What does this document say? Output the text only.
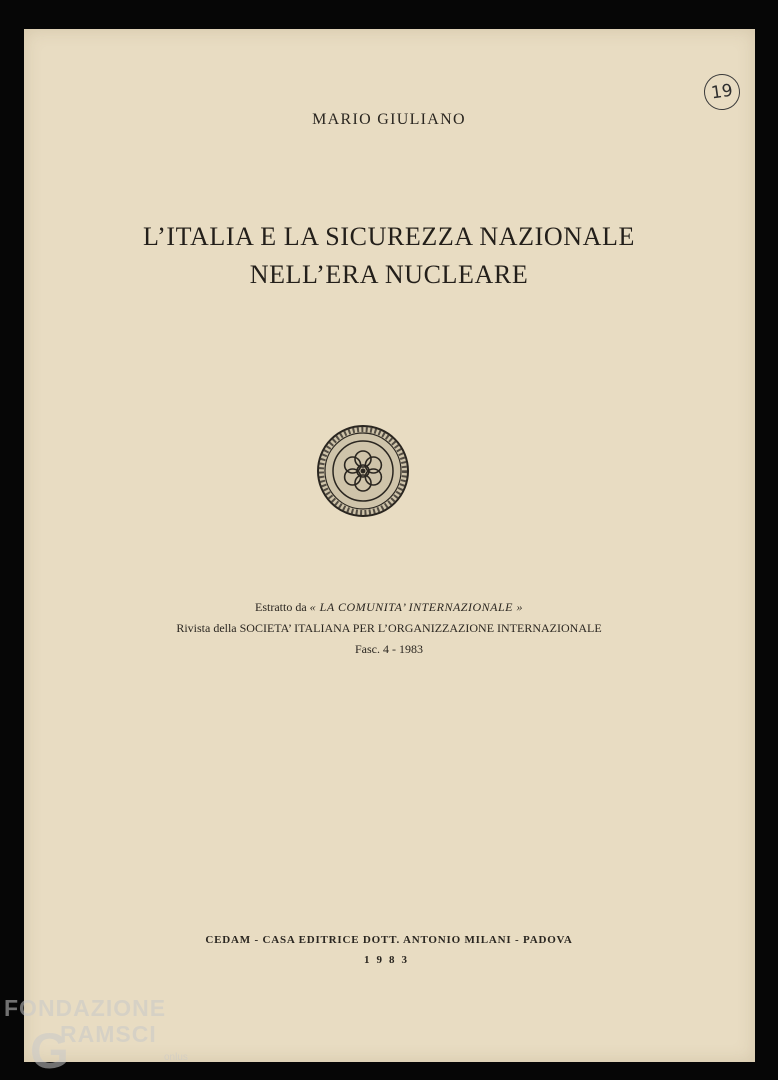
19
MARIO GIULIANO
L’ITALIA E LA SICUREZZA NAZIONALE
NELL’ERA NUCLEARE
Estratto da « LA COMUNITA’ INTERNAZIONALE »
Rivista della SOCIETA’ ITALIANA PER L’ORGANIZZAZIONE INTERNAZIONALE
Fasc. 4 - 1983
CEDAM - CASA EDITRICE DOTT. ANTONIO MILANI - PADOVA
1983
FONDAZIONE
G
RAMSCI
onlus
